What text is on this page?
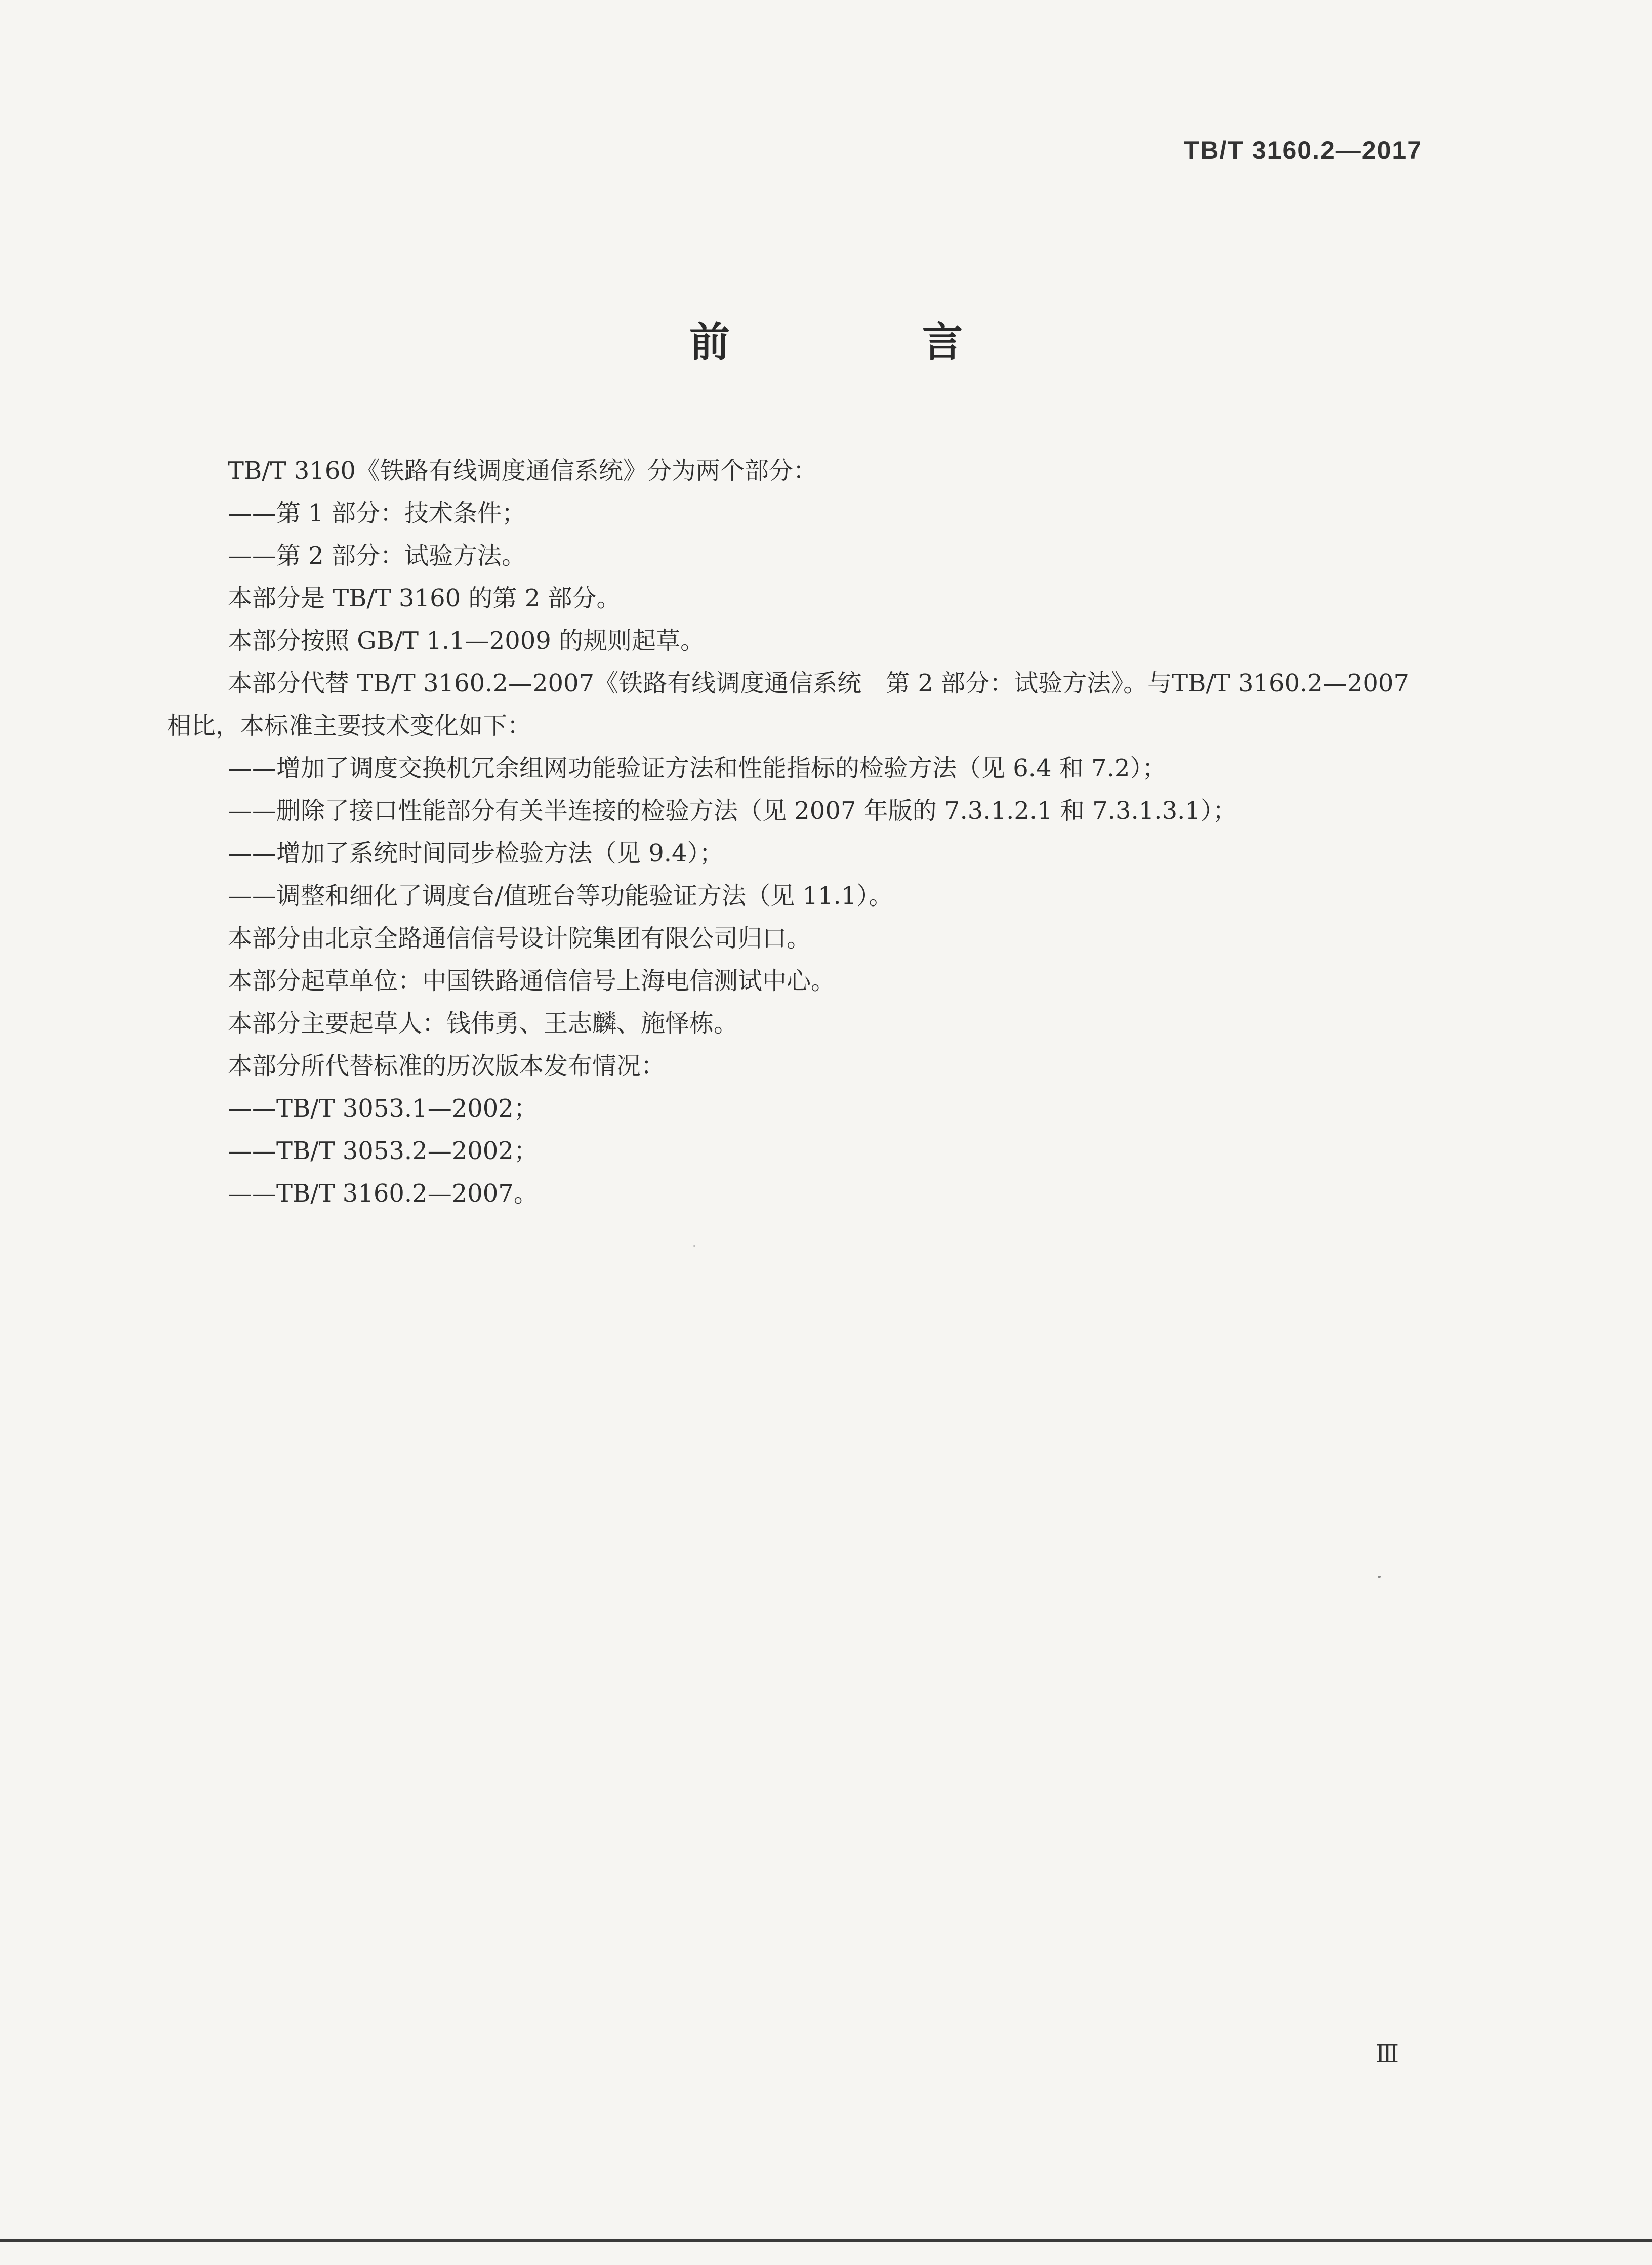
TB/T 3160.2—2017
前　言
TB/T 3160《铁路有线调度通信系统》分为两个部分：
——第 1 部分：技术条件；
——第 2 部分：试验方法。
本部分是 TB/T 3160 的第 2 部分。
本部分按照 GB/T 1.1—2009 的规则起草。
本部分代替 TB/T 3160.2—2007《铁路有线调度通信系统　第 2 部分：试验方法》。与TB/T 3160.2—2007
相比，本标准主要技术变化如下：
——增加了调度交换机冗余组网功能验证方法和性能指标的检验方法（见 6.4 和 7.2）；
——删除了接口性能部分有关半连接的检验方法（见 2007 年版的 7.3.1.2.1 和 7.3.1.3.1）；
——增加了系统时间同步检验方法（见 9.4）；
——调整和细化了调度台/值班台等功能验证方法（见 11.1）。
本部分由北京全路通信信号设计院集团有限公司归口。
本部分起草单位：中国铁路通信信号上海电信测试中心。
本部分主要起草人：钱伟勇、王志麟、施怿栋。
本部分所代替标准的历次版本发布情况：
——TB/T 3053.1—2002；
——TB/T 3053.2—2002；
——TB/T 3160.2—2007。
Ⅲ
